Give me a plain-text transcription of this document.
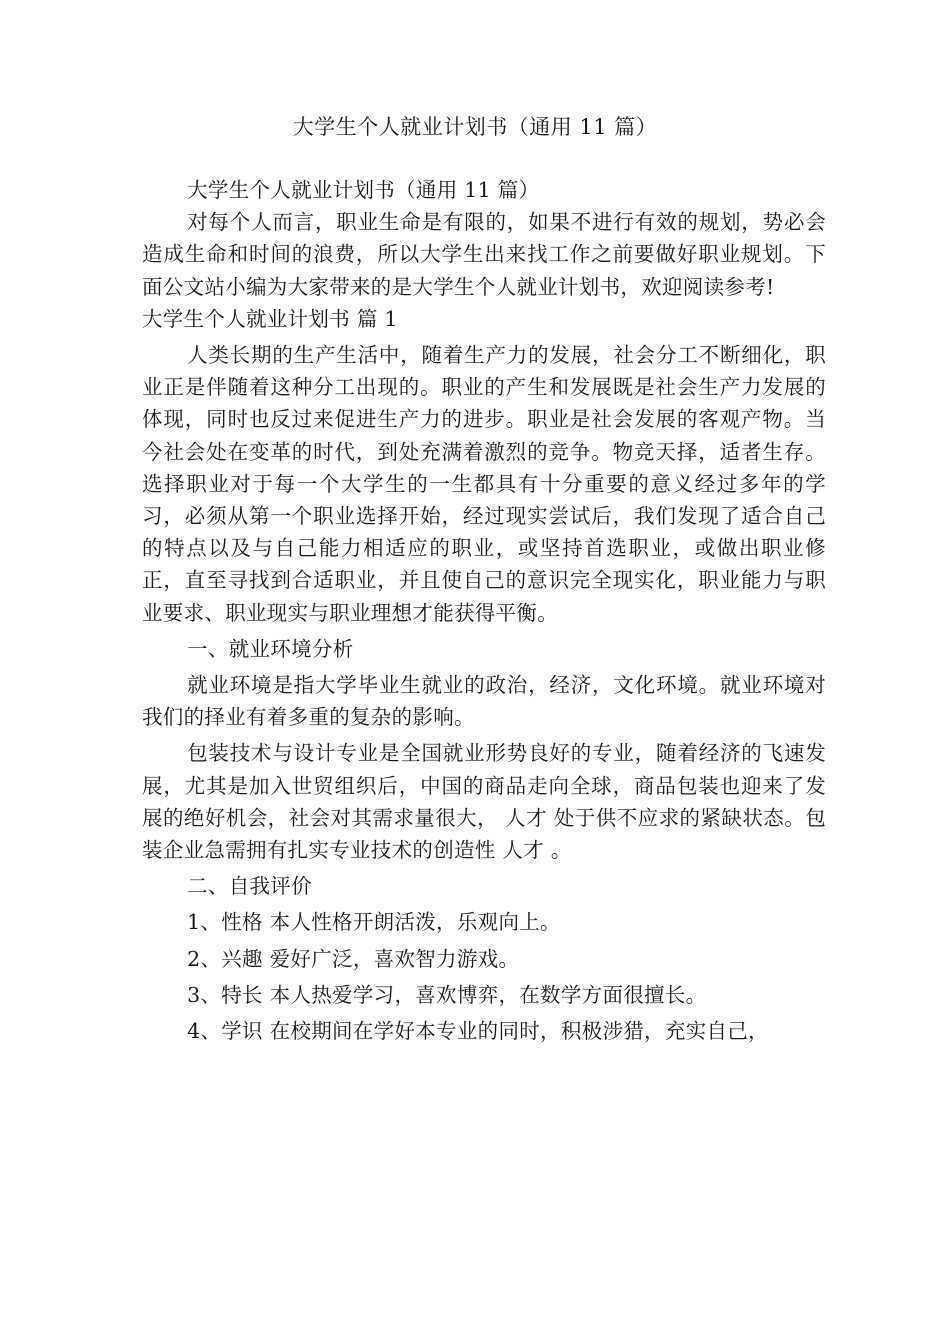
大学生个人就业计划书（通用 11 篇）

大学生个人就业计划书（通用 11 篇）

对每个人而言，职业生命是有限的，如果不进行有效的规划，势必会造成生命和时间的浪费，所以大学生出来找工作之前要做好职业规划。下面公文站小编为大家带来的是大学生个人就业计划书，欢迎阅读参考!

大学生个人就业计划书 篇 1

人类长期的生产生活中，随着生产力的发展，社会分工不断细化，职业正是伴随着这种分工出现的。职业的产生和发展既是社会生产力发展的体现，同时也反过来促进生产力的进步。职业是社会发展的客观产物。当今社会处在变革的时代，到处充满着激烈的竞争。物竞天择，适者生存。选择职业对于每一个大学生的一生都具有十分重要的意义经过多年的学习，必须从第一个职业选择开始，经过现实尝试后，我们发现了适合自己的特点以及与自己能力相适应的职业，或坚持首选职业，或做出职业修正，直至寻找到合适职业，并且使自己的意识完全现实化，职业能力与职业要求、职业现实与职业理想才能获得平衡。

一、就业环境分析

就业环境是指大学毕业生就业的政治，经济，文化环境。就业环境对我们的择业有着多重的复杂的影响。

包装技术与设计专业是全国就业形势良好的专业，随着经济的飞速发展，尤其是加入世贸组织后，中国的商品走向全球，商品包装也迎来了发展的绝好机会，社会对其需求量很大， 人才 处于供不应求的紧缺状态。包装企业急需拥有扎实专业技术的创造性 人才 。

二、自我评价

1、性格 本人性格开朗活泼，乐观向上。

2、兴趣 爱好广泛，喜欢智力游戏。

3、特长 本人热爱学习，喜欢博弈，在数学方面很擅长。

4、学识 在校期间在学好本专业的同时，积极涉猎，充实自己，
